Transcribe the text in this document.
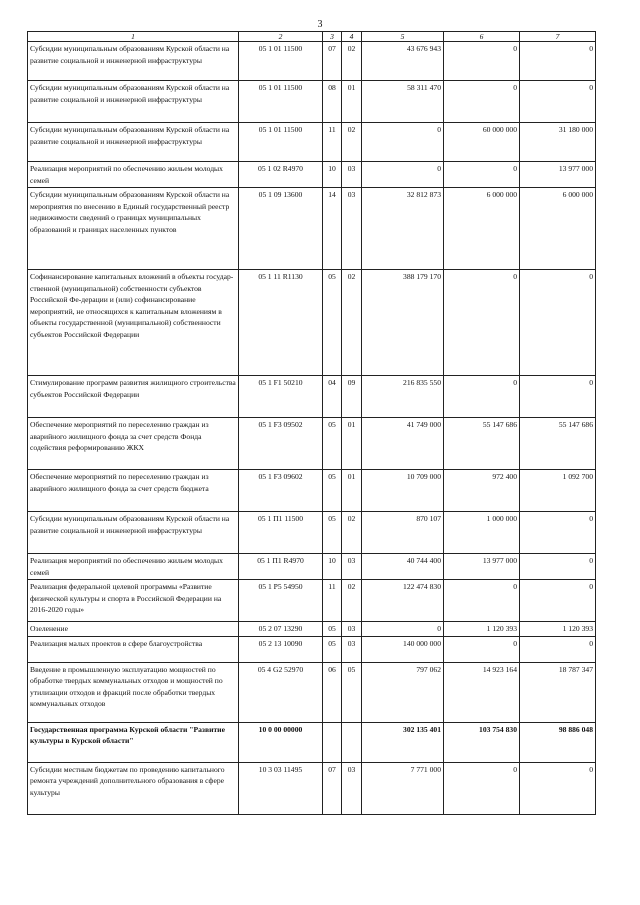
3
1	2	3	4	5	6	7
Субсидии муниципальным образованиям Курской области на развитие социальной и инженерной инфраструктуры	05 1 01 11500	07	02	43 676 943	0	0
Субсидии муниципальным образованиям Курской области на развитие социальной и инженерной инфраструктуры	05 1 01 11500	08	01	58 311 470	0	0
Субсидии муниципальным образованиям Курской области на развитие социальной и инженерной инфраструктуры	05 1 01 11500	11	02	0	60 000 000	31 180 000
Реализация мероприятий по обеспечению жильем молодых семей	05 1 02 R4970	10	03	0	0	13 977 000
Субсидии муниципальным образованиям Курской области на мероприятия по внесению в Единый государственный реестр недвижимости сведений о границах муниципальных образований и границах населенных пунктов	05 1 09 13600	14	03	32 812 873	6 000 000	6 000 000
Софинансирование капитальных вложений в объекты государ-ственной (муниципальной) собственности субъектов Российской Фе-дерации и (или) софинансирование мероприятий, не относящихся к капитальным вложениям в объекты государственной (муниципальной) собственности субъектов Российской Федерации	05 1 11 R1130	05	02	388 179 170	0	0
Стимулирование программ развития жилищного строительства субъектов Российской Федерации	05 1 F1 50210	04	09	216 835 550	0	0
Обеспечение мероприятий по переселению граждан из аварийного жилищного фонда за счет средств Фонда содействия реформированию ЖКХ	05 1 F3 09502	05	01	41 749 000	55 147 686	55 147 686
Обеспечение мероприятий по переселению граждан из аварийного жилищного фонда за счет средств бюджета	05 1 F3 09602	05	01	10 709 000	972 400	1 092 700
Субсидии муниципальным образованиям Курской области на развитие социальной и инженерной инфраструктуры	05 1 П1 11500	05	02	870 107	1 000 000	0
Реализация мероприятий по обеспечению жильем молодых семей	05 1 П1 R4970	10	03	40 744 400	13 977 000	0
Реализация федеральной целевой программы «Развитие физической культуры и спорта в Российской Федерации на 2016-2020 годы»	05 1 P5 54950	11	02	122 474 830	0	0
Озеленение	05 2 07 13290	05	03	0	1 120 393	1 120 393
Реализация малых проектов в сфере благоустройства	05 2 13 10090	05	03	140 000 000	0	0
Введение в промышленную эксплуатацию мощностей по обработке твердых коммунальных отходов и мощностей по утилизации отходов и фракций после обработки твердых коммунальных отходов	05 4 G2 52970	06	05	797 062	14 923 164	18 787 347
Государственная программа Курской области "Развитие культуры в Курской области"	10 0 00 00000			302 135 401	103 754 830	98 886 048
Субсидии местным бюджетам по проведению капитального ремонта учреждений дополнительного образования в сфере культуры	10 3 03 11495	07	03	7 771 000	0	0
